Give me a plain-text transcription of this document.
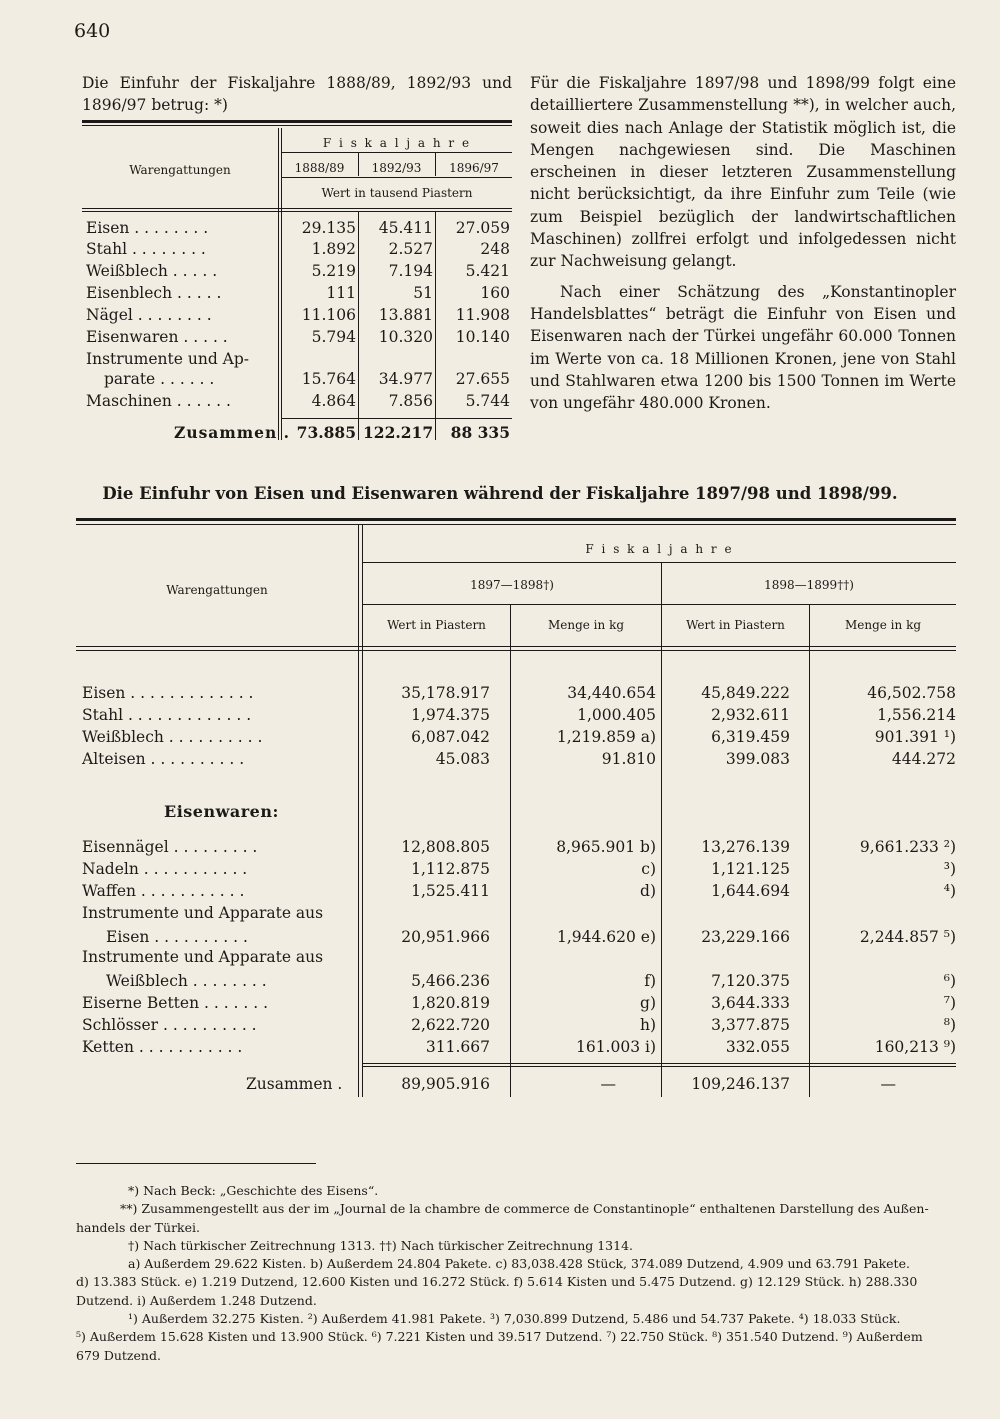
640
Die Einfuhr der Fiskaljahre 1888/89, 1892/93 und 1896/97 betrug: *)

Für die Fiskaljahre 1897/98 und 1898/99 folgt eine detailliertere Zusammenstellung **), in welcher auch, soweit dies nach Anlage der Statistik möglich ist, die Mengen nachgewiesen sind. Die Maschinen erscheinen in dieser letzteren Zusammenstellung nicht berücksichtigt, da ihre Einfuhr zum Teile (wie zum Beispiel bezüglich der landwirtschaftlichen Maschinen) zollfrei erfolgt und infolgedessen nicht zur Nachweisung gelangt.

Nach einer Schätzung des „Konstantinopler Handelsblattes“ beträgt die Einfuhr von Eisen und Eisenwaren nach der Türkei ungefähr 60.000 Tonnen im Werte von ca. 18 Millionen Kronen, jene von Stahl und Stahlwaren etwa 1200 bis 1500 Tonnen im Werte von ungefähr 480.000 Kronen.

Warengattungen
F i s k a l j a h r e
1888/89	1892/93	1896/97
Wert in tausend Piastern
Eisen . . . . . . . .	29.135	45.411	27.059
Stahl . . . . . . . .	1.892	2.527	248
Weißblech . . . . .	5.219	7.194	5.421
Eisenblech . . . . .	111	51	160
Nägel . . . . . . . .	11.106	13.881	11.908
Eisenwaren . . . . .	5.794	10.320	10.140
Instrumente und Ap-
parate . . . . . .	15.764	34.977	27.655
Maschinen . . . . . .	4.864	7.856	5.744
Zusammen . 73.885 122.217	88 335
Die Einfuhr von Eisen und Eisenwaren während der Fiskaljahre 1897/98 und 1898/99.
Warengattungen
F i s k a l j a h r e
1897—1898†)	1898—1899††)
Wert in Piastern	Menge in kg	Wert in Piastern	Menge in kg
Eisen . . . . . . . . . . . . .	35,178.917	34,440.654	45,849.222	46,502.758
Stahl . . . . . . . . . . . . .	1,974.375	1,000.405	2,932.611	1,556.214
Weißblech . . . . . . . . . .	6,087.042	1,219.859 a)	6,319.459	901.391 ¹)
Alteisen . . . . . . . . . .	45.083	91.810	399.083	444.272
Eisenwaren:
Eisennägel . . . . . . . . .	12,808.805	8,965.901 b)	13,276.139	9,661.233 ²)
Nadeln . . . . . . . . . . .	1,112.875	c)	1,121.125	³)
Waffen . . . . . . . . . . .	1,525.411	d)	1,644.694	⁴)
Instrumente und Apparate aus
Eisen . . . . . . . . . .	20,951.966	1,944.620 e)	23,229.166	2,244.857 ⁵)
Instrumente und Apparate aus
Weißblech . . . . . . . .	5,466.236	f)	7,120.375	⁶)
Eiserne Betten . . . . . . .	1,820.819	g)	3,644.333	⁷)
Schlösser . . . . . . . . . .	2,622.720	h)	3,377.875	⁸)
Ketten . . . . . . . . . . .	311.667	161.003 i)	332.055	160,213 ⁹)
Zusammen .	89,905.916	—	109,246.137	—
*) Nach Beck: „Geschichte des Eisens“.
**) Zusammengestellt aus der im „Journal de la chambre de commerce de Constantinople“ enthaltenen Darstellung des Außen-
handels der Türkei.
†) Nach türkischer Zeitrechnung 1313. ††) Nach türkischer Zeitrechnung 1314.
a) Außerdem 29.622 Kisten. b) Außerdem 24.804 Pakete. c) 83,038.428 Stück, 374.089 Dutzend, 4.909 und 63.791 Pakete.
d) 13.383 Stück. e) 1.219 Dutzend, 12.600 Kisten und 16.272 Stück. f) 5.614 Kisten und 5.475 Dutzend. g) 12.129 Stück. h) 288.330
Dutzend. i) Außerdem 1.248 Dutzend.
¹) Außerdem 32.275 Kisten. ²) Außerdem 41.981 Pakete. ³) 7,030.899 Dutzend, 5.486 und 54.737 Pakete. ⁴) 18.033 Stück.
⁵) Außerdem 15.628 Kisten und 13.900 Stück. ⁶) 7.221 Kisten und 39.517 Dutzend. ⁷) 22.750 Stück. ⁸) 351.540 Dutzend. ⁹) Außerdem
679 Dutzend.
